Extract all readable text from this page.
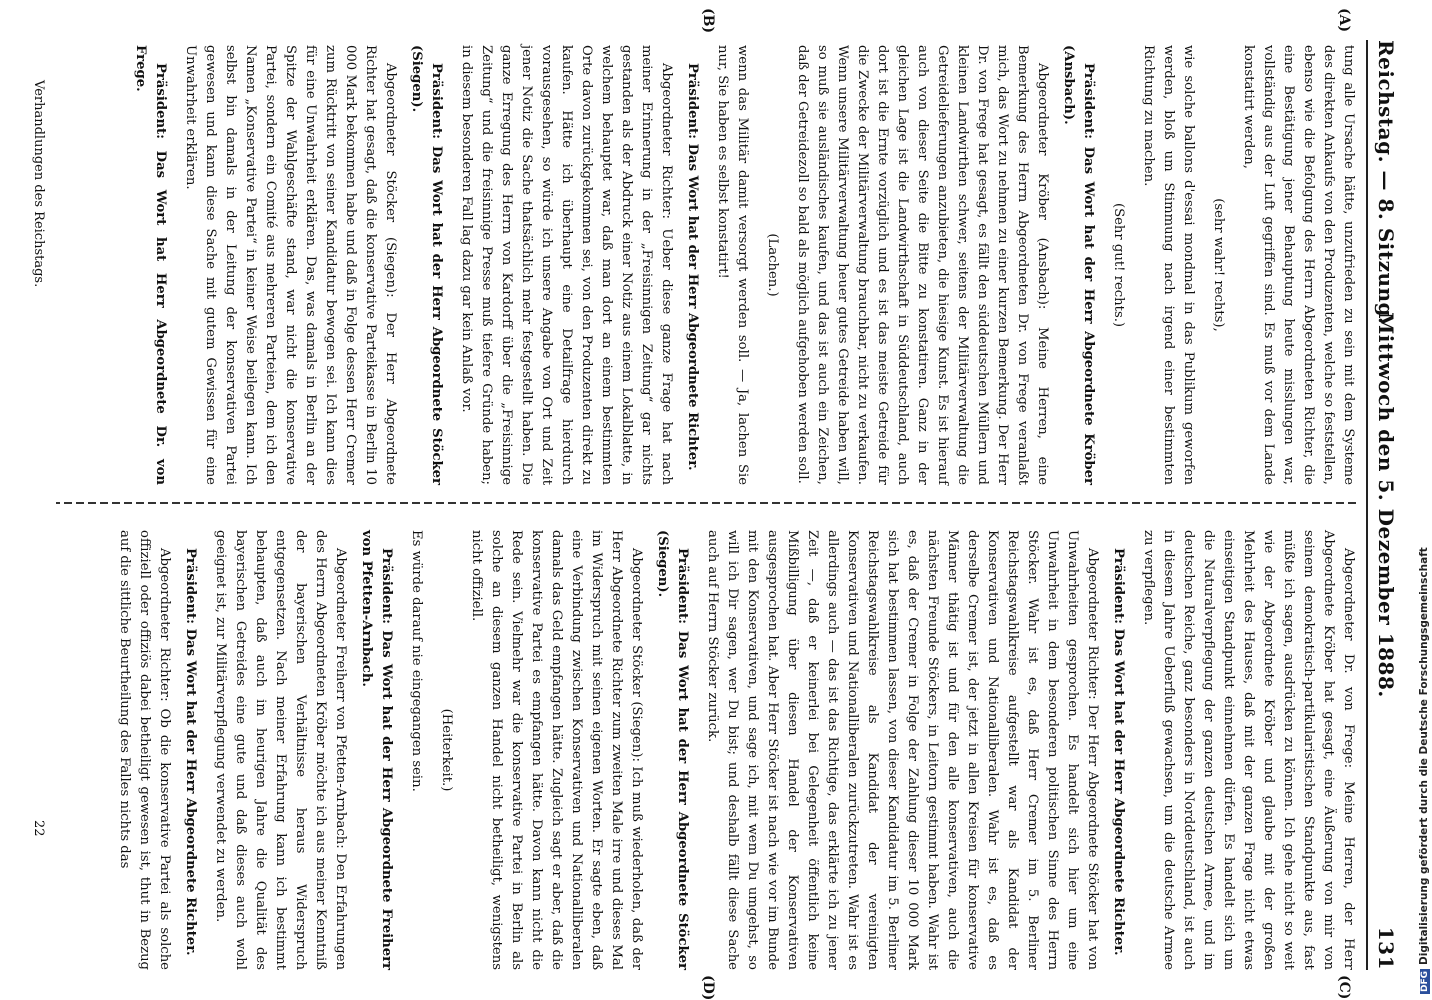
Reichstag. — 8. Sitzung.
Mittwoch den 5. Dezember 1888.
131
(A)
(B)
(C)
(D)

tung alle Ursache hätte, unzufrieden zu sein mit dem Systeme des direkten Ankaufs von den Produzenten, welche so feststellen, ebenso wie die Befolgung des Herrn Abgeordneten Richter, die eine Bestätigung jener Behauptung heute misslungen war, vollständig aus der Luft gegriffen sind. Es muß vor dem Lande konstatirt werden,

(sehr wahr! rechts),

wie solche ballons d'essai mondmal in das Publikum geworfen werden, bloß um Stimmung nach irgend einer bestimmten Richtung zu machen.

(Sehr gut! rechts.)

Präsident: Das Wort hat der Herr Abgeordnete Kröber (Ansbach).

Abgeordneter Kröber (Ansbach): Meine Herren, eine Bemerkung des Herrn Abgeordneten Dr. von Frege veranlaßt mich, das Wort zu nehmen zu einer kurzen Bemerkung. Der Herr Dr. von Frege hat gesagt, es fällt den süddeutschen Müllern und kleinen Landwirthen schwer, seitens der Militärverwaltung die Getreidelieferungen anzubieten, die hiesige Kunst. Es ist hierauf auch von dieser Seite die Bitte zu konstatiren. Ganz in der gleichen Lage ist die Landwirthschaft in Süddeutschland, auch dort ist die Ernte vorzüglich und es ist das meiste Getreide für die Zwecke der Militärverwaltung brauchbar, nicht zu verkaufen. Wenn unsere Militärverwaltung heuer gutes Getreide haben will, so muß sie ausländisches kaufen, und das ist auch ein Zeichen, daß der Getreidezoll so bald als möglich aufgehoben werden soll.

(Lachen.)

wenn das Militär damit versorgt werden soll. — Ja, lachen Sie nur, Sie haben es selbst konstatirt!

Präsident: Das Wort hat der Herr Abgeordnete Richter.

Abgeordneter Richter: Ueber diese ganze Frage hat nach meiner Erinnerung in der „Freisinnigen Zeitung“ gar nichts gestanden als der Abdruck einer Notiz aus einem Lokalblatte, in welchem behauptet war, daß man dort an einem bestimmten Orte davon zurückgekommen sei, von den Produzenten direkt zu kaufen. Hätte ich überhaupt eine Detailfrage hierdurch vorausgesehen, so würde ich unsere Angabe von Ort und Zeit jener Notiz die Sache thatsächlich mehr festgestellt haben. Die ganze Erregung des Herrn von Kardorff über die „Freisinnige Zeitung“ und die freisinnige Presse muß tiefere Gründe haben; in diesem besonderen Fall lag dazu gar kein Anlaß vor.

Präsident: Das Wort hat der Herr Abgeordnete Stöcker (Siegen).

Abgeordneter Stöcker (Siegen): Der Herr Abgeordnete Richter hat gesagt, daß die konservative Parteikasse in Berlin 10 000 Mark bekommen habe und daß in Folge dessen Herr Cremer zum Rücktritt von seiner Kandidatur bewogen sei. Ich kann dies für eine Unwahrheit erklären. Das, was damals in Berlin an der Spitze der Wahlgeschäfte stand, war nicht die konservative Partei, sondern ein Comité aus mehreren Parteien, dem ich den Namen „Konservative Partei“ in keiner Weise beilegen kann. Ich selbst bin damals in der Leitung der konservativen Partei gewesen und kann diese Sache mit gutem Gewissen für eine Unwahrheit erklären.

Präsident: Das Wort hat Herr Abgeordnete Dr. von Frege.

Abgeordneter Dr. von Frege: Meine Herren, der Herr Abgeordnete Kröber hat gesagt, eine Äußerung von mir von seinem demokratisch-partikularistischen Standpunkte aus, fast müßte ich sagen, ausdrücken zu können. Ich gehe nicht so weit wie der Abgeordnete Kröber und glaube mit der großen Mehrheit des Hauses, daß mit der ganzen Frage nicht etwas einseitigen Standpunkt einnehmen dürfen. Es handelt sich um die Naturalverpflegung der ganzen deutschen Armee, und im deutschen Reiche, ganz besonders in Norddeutschland, ist auch in diesem Jahre Ueberfluß gewachsen, um die deutsche Armee zu verpflegen.

Präsident: Das Wort hat der Herr Abgeordnete Richter.

Abgeordneter Richter: Der Herr Abgeordnete Stöcker hat von Unwahrheiten gesprochen. Es handelt sich hier um eine Unwahrheit in dem besonderen politischen Sinne des Herrn Stöcker. Wahr ist es, daß Herr Cremer im 5. Berliner Reichstagswahlkreise aufgestellt war als Kandidat der Konservativen und Nationalliberalen. Wahr ist es, daß es derselbe Cremer ist, der jetzt in allen Kreisen für konservative Männer thätig ist und für den alle konservativen, auch die nächsten Freunde Stöckers, in Leitorn gestimmt haben. Wahr ist es, daß der Cremer in Folge der Zahlung dieser 10 000 Mark sich hat bestimmen lassen, von dieser Kandidatur im 5. Berliner Reichstagswahlkreise als Kandidat der vereinigten Konservativen und Nationalliberalen zurückzutreten. Wahr ist es allerdings auch — das ist das Richtige, das erklärte ich zu jener Zeit —, daß er keinerlei bei Gelegenheit öffentlich keine Mißbilligung über diesen Handel der Konservativen ausgesprochen hat. Aber Herr Stöcker ist nach wie vor im Bunde mit den Konservativen, und sage ich, mit wem Du umgehst, so will ich Dir sagen, wer Du bist; und deshalb fällt diese Sache auch auf Herrn Stöcker zurück.

Präsident: Das Wort hat der Herr Abgeordnete Stöcker (Siegen).

Abgeordneter Stöcker (Siegen): Ich muß wiederholen, daß der Herr Abgeordnete Richter zum zweiten Male irre und dieses Mal im Widerspruch mit seinen eigenen Worten. Er sagte eben, daß eine Verbindung zwischen Konservativen und Nationalliberalen damals das Geld empfangen hätte. Zugleich sagt er aber, daß die konservative Partei es empfangen hätte. Davon kann nicht die Rede sein. Vielmehr war die konservative Partei in Berlin als solche an diesem ganzen Handel nicht betheiligt, wenigstens nicht offiziell.

(Heiterkeit.)

Es würde darauf nie eingegangen sein.

Präsident: Das Wort hat der Herr Abgeordnete Freiherr von Pfetten-Arnbach.

Abgeordneter Freiherr von Pfetten-Arnbach: Den Erfahrungen des Herrn Abgeordneten Kröber möchte ich aus meiner Kenntniß der bayerischen Verhältnisse heraus Widerspruch entgegensetzen. Nach meiner Erfahrung kann ich bestimmt behaupten, daß auch im heurigen Jahre die Qualität des bayerischen Getreides eine gute und daß dieses auch wohl geeignet ist, zur Militärverpflegung verwendet zu werden.

Präsident: Das Wort hat der Herr Abgeordnete Richter.

Abgeordneter Richter: Ob die konservative Partei als solche offiziell oder offiziös dabei betheiligt gewesen ist, thut in Bezug auf die sittliche Beurtheilung des Falles nichts das

Verhandlungen des Reichstags.
22
DFGDigitalisierung gefördert durch die Deutsche Forschungsgemeinschaft
